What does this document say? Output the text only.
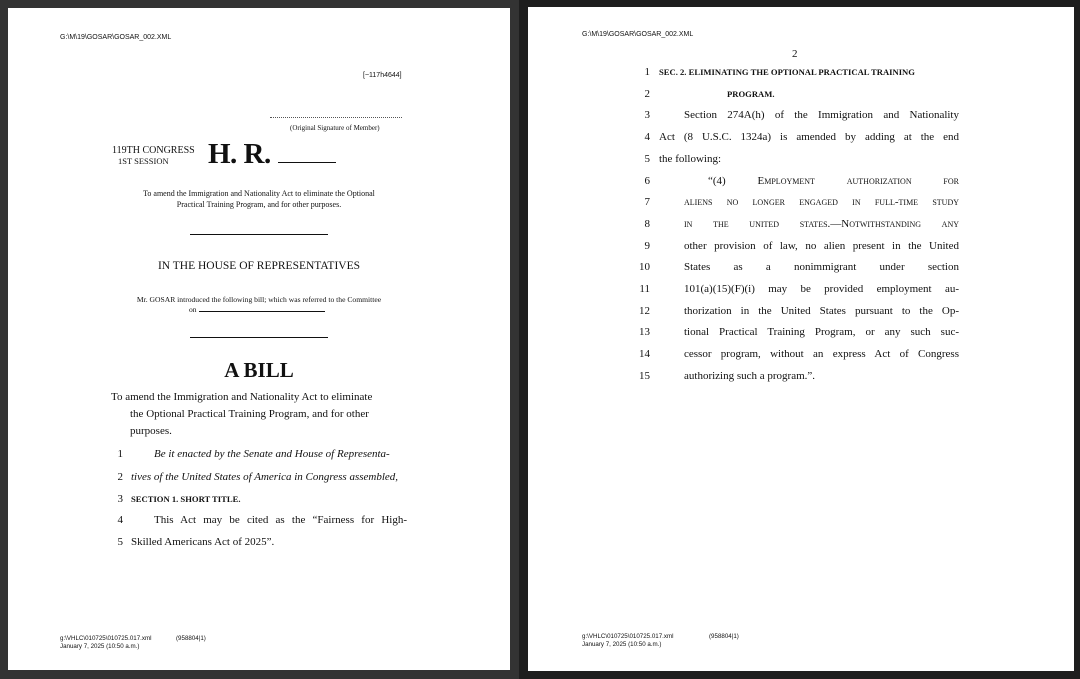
G:\M\19\GOSAR\GOSAR_002.XML
[~117h4644]
(Original Signature of Member)
119TH CONGRESS
1ST SESSION H. R.
To amend the Immigration and Nationality Act to eliminate the Optional
Practical Training Program, and for other purposes.
IN THE HOUSE OF REPRESENTATIVES
Mr. GOSAR introduced the following bill; which was referred to the Committee
on
A BILL
To amend the Immigration and Nationality Act to eliminate
the Optional Practical Training Program, and for other
purposes.
1	Be it enacted by the Senate and House of Representa-
2 tives of the United States of America in Congress assembled,
3 SECTION 1. SHORT TITLE.
4	This Act may be cited as the “Fairness for High-
5 Skilled Americans Act of 2025”.
g:\VHLC\010725\010725.017.xml	(958804|1)
January 7, 2025 (10:50 a.m.)
G:\M\19\GOSAR\GOSAR_002.XML
2
1
2
3
4
5
6
7
8
9
10
11
12
13
14
15
SEC. 2. ELIMINATING THE OPTIONAL PRACTICAL TRAINING
PROGRAM.
Section 274A(h) of the Immigration and Nationality
Act (8 U.S.C. 1324a) is amended by adding at the end
the following:
“(4) Employment authorization for
aliens no longer engaged in full-time study
in the united states.—Notwithstanding any
other provision of law, no alien present in the United
States as a nonimmigrant under section
101(a)(15)(F)(i) may be provided employment au-
thorization in the United States pursuant to the Op-
tional Practical Training Program, or any such suc-
cessor program, without an express Act of Congress
authorizing such a program.”.
g:\VHLC\010725\010725.017.xml	(958804|1)
January 7, 2025 (10:50 a.m.)
